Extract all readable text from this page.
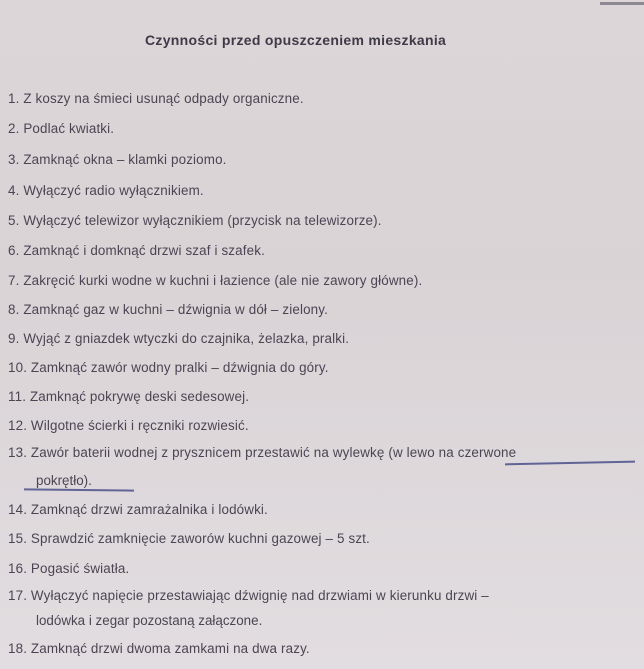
Czynności przed opuszczeniem mieszkania
1. Z koszy na śmieci usunąć odpady organiczne.
2. Podlać kwiatki.
3. Zamknąć okna – klamki poziomo.
4. Wyłączyć radio wyłącznikiem.
5. Wyłączyć telewizor wyłącznikiem (przycisk na telewizorze).
6. Zamknąć i domknąć drzwi szaf i szafek.
7. Zakręcić kurki wodne w kuchni i łazience (ale nie zawory główne).
8. Zamknąć gaz w kuchni – dźwignia w dół – zielony.
9. Wyjąć z gniazdek wtyczki do czajnika, żelazka, pralki.
10. Zamknąć zawór wodny pralki – dźwignia do góry.
11. Zamknąć pokrywę deski sedesowej.
12. Wilgotne ścierki i ręczniki rozwiesić.
13. Zawór baterii wodnej z prysznicem przestawić na wylewkę (w lewo na czerwone
pokrętło).
14. Zamknąć drzwi zamrażalnika i lodówki.
15. Sprawdzić zamknięcie zaworów kuchni gazowej – 5 szt.
16. Pogasić światła.
17. Wyłączyć napięcie przestawiając dźwignię nad drzwiami w kierunku drzwi –
lodówka i zegar pozostaną załączone.
18. Zamknąć drzwi dwoma zamkami na dwa razy.
